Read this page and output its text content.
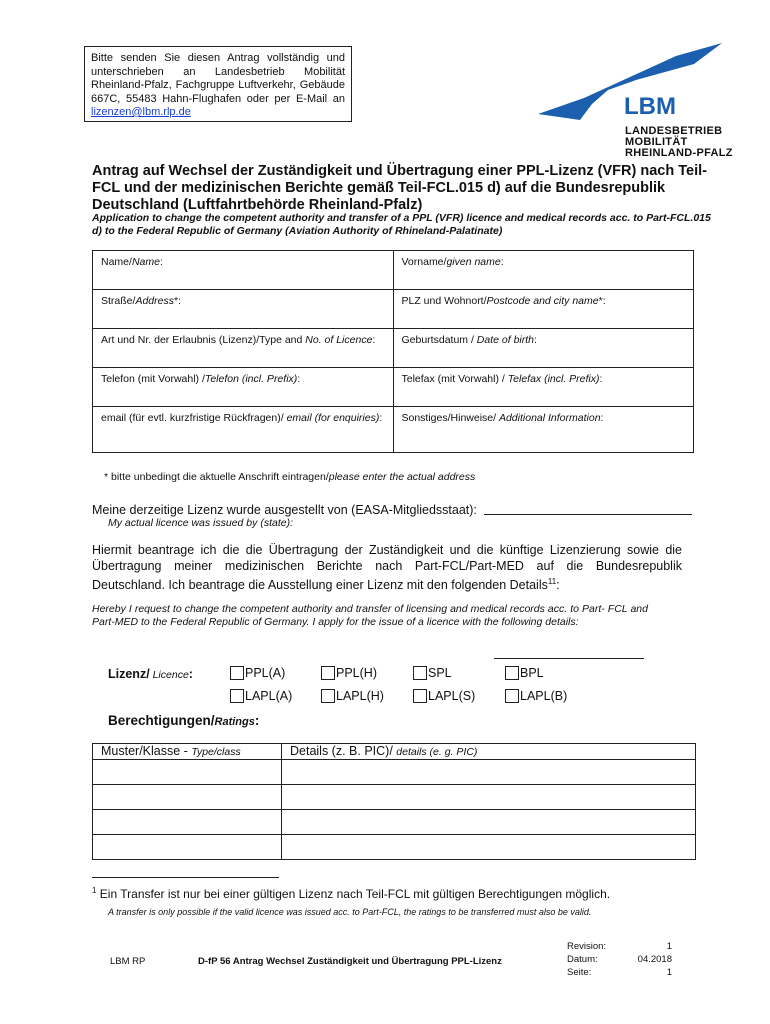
Bitte senden Sie diesen Antrag vollständig und unterschrieben an Landesbetrieb Mobilität Rheinland-Pfalz, Fachgruppe Luftverkehr, Gebäude 667C, 55483 Hahn-Flughafen oder per E-Mail an lizenzen@lbm.rlp.de	LBM
LANDESBETRIEB
MOBILITÄT
RHEINLAND-PFALZ
Antrag auf Wechsel der Zuständigkeit und Übertragung einer PPL-Lizenz (VFR) nach Teil-FCL und der medizinischen Berichte gemäß Teil-FCL.015 d) auf die Bundesrepublik Deutschland (Luftfahrtbehörde Rheinland-Pfalz)
Application to change the competent authority and transfer of a PPL (VFR) licence and medical records acc. to Part-FCL.015 d) to the Federal Republic of Germany (Aviation Authority of Rhineland-Palatinate)
Name/Name:	Vorname/given name:
Straße/Address*:	PLZ und Wohnort/Postcode and city name*:
Art und Nr. der Erlaubnis (Lizenz)/Type and No. of Licence:	Geburtsdatum / Date of birth:
Telefon (mit Vorwahl) /Telefon (incl. Prefix):	Telefax (mit Vorwahl) / Telefax (incl. Prefix):
email (für evtl. kurzfristige Rückfragen)/ email (for enquiries):	Sonstiges/Hinweise/ Additional Information:
* bitte unbedingt die aktuelle Anschrift eintragen/please enter the actual address
Meine derzeitige Lizenz wurde ausgestellt von (EASA-Mitgliedsstaat):
My actual licence was issued by (state):
Hiermit beantrage ich die die Übertragung der Zuständigkeit und die künftige Lizenzierung sowie die Übertragung meiner medizinischen Berichte nach Part-FCL/Part-MED auf die Bundesrepublik Deutschland. Ich beantrage die Ausstellung einer Lizenz mit den folgenden Details$^{11}$:
Hereby I request to change the competent authority and transfer of licensing and medical records acc. to Part- FCL and Part-MED to the Federal Republic of Germany. I apply for the issue of a licence with the following details:
Lizenz/ Licence:	PPL(A)	PPL(H)	SPL	BPL
LAPL(A)	LAPL(H)	LAPL(S)	LAPL(B)
Berechtigungen/Ratings:
Muster/Klasse - Type/class	Details (z. B. PIC)/ details (e. g. PIC)

$^1$ Ein Transfer ist nur bei einer gültigen Lizenz nach Teil-FCL mit gültigen Berechtigungen möglich.
A transfer is only possible if the valid licence was issued acc. to Part-FCL, the ratings to be transferred must also be valid.
LBM RP	D-fP 56 Antrag Wechsel Zuständigkeit und Übertragung PPL-Lizenz
Revision:	1
Datum:	04.2018
Seite:	1
